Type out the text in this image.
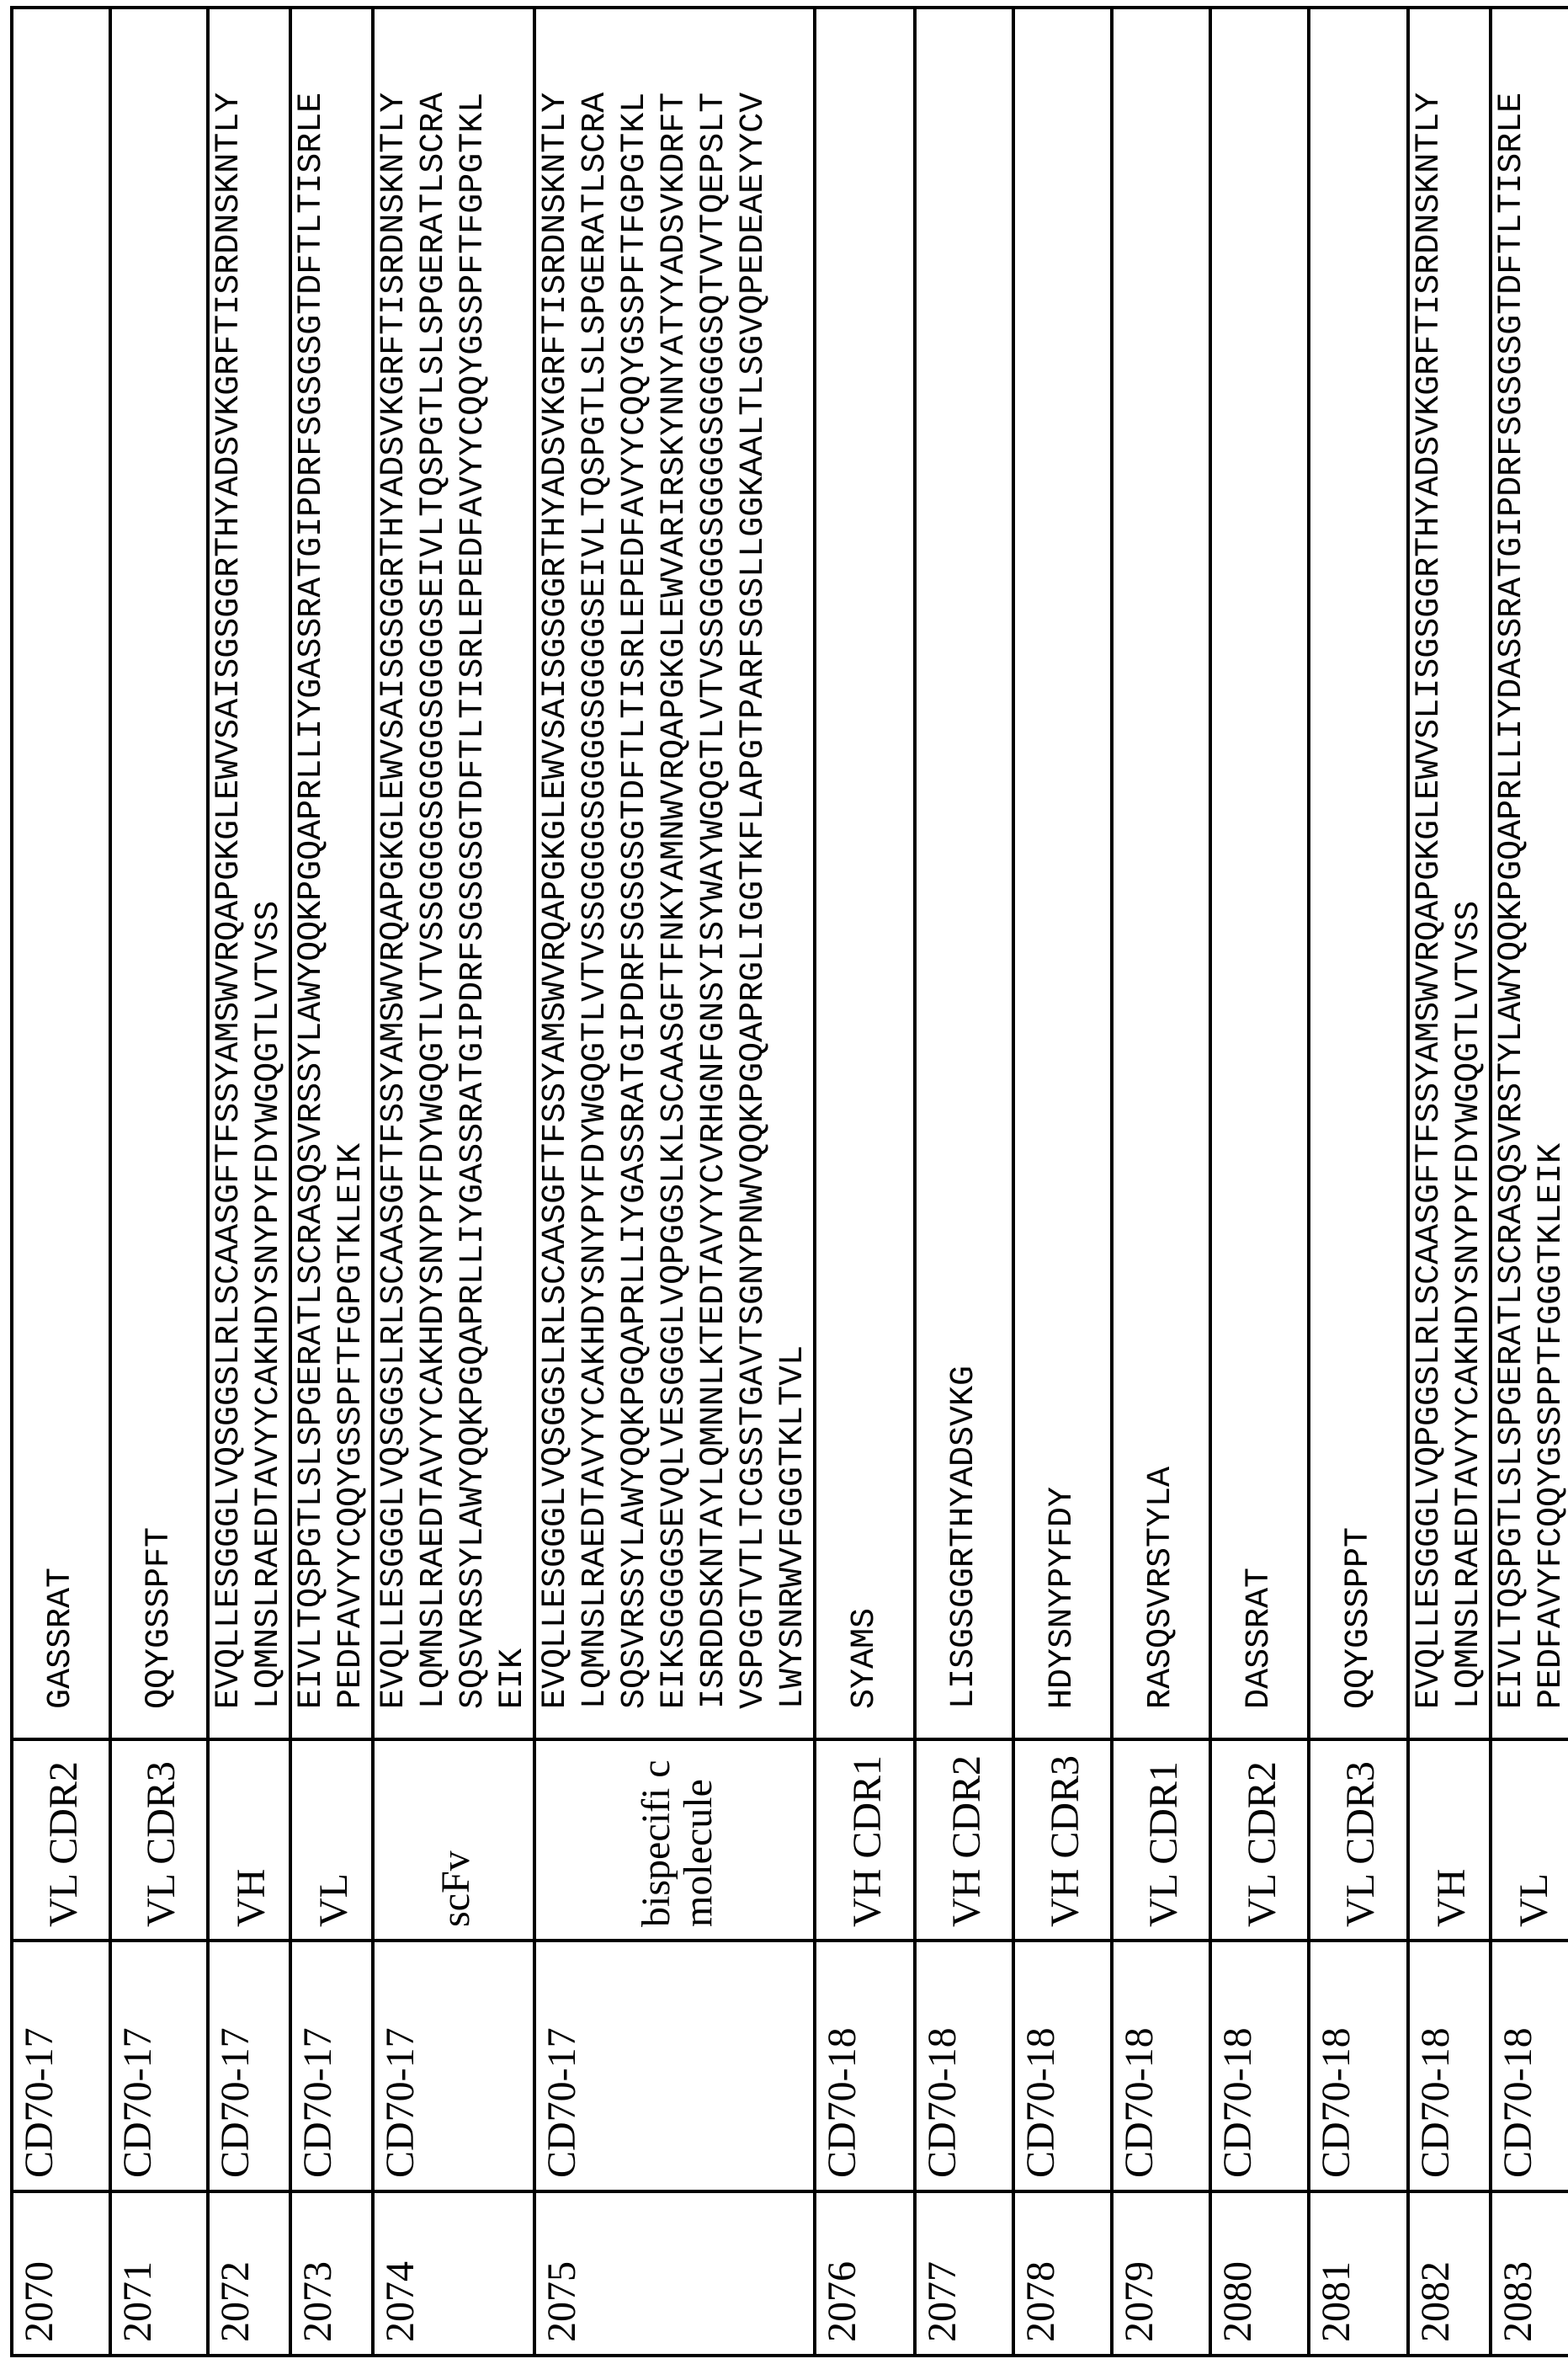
2070	CD70-17	VL CDR2	
GASSRAT

2071	CD70-17	VL CDR3	
QQYGSSPFT

2072	CD70-17	VH	
EVQLLESGGGLVQSGGSLRLSCAASGFTFSSYAMSWVRQAPGKGLEWVSAISGSGGRTHYADSVKGRFTISRDNSKNTLY LQMNSLRAEDTAVYYCAKHDYSNYPYFDYWGQGTLVTVSS

2073	CD70-17	VL	
EIVLTQSPGTLSLSPGERATLSCRASQSVRSSYLAWYQQKPGQAPRLLIYGASSRATGIPDRFSGSGSGTDFTLTISRLE PEDFAVYYCQQYGSSPFTFGPGTKLEIK

2074	CD70-17	scFv	
EVQLLESGGGLVQSGGSLRLSCAASGFTFSSYAMSWVRQAPGKGLEWVSAISGSGGRTHYADSVKGRFTISRDNSKNTLY LQMNSLRAEDTAVYYCAKHDYSNYPYFDYWGQGTLVTVSSGGGGSGGGGSGGGGSEIVLTQSPGTLSLSPGERATLSCRA SQSVRSSYLAWYQQKPGQAPRLLIYGASSRATGIPDRFSGSGSGTDFTLTISRLEPEDFAVYYCQQYGSSPFTFGPGTKL EIK

2075	CD70-17	bispecifi c molecule	
EVQLLESGGGLVQSGGSLRLSCAASGFTFSSYAMSWVRQAPGKGLEWVSAISGSGGRTHYADSVKGRFTISRDNSKNTLY LQMNSLRAEDTAVYYCAKHDYSNYPYFDYWGQGTLVTVSSGGGGSGGGGSGGGGSEIVLTQSPGTLSLSPGERATLSCRA SQSVRSSYLAWYQQKPGQAPRLLIYGASSRATGIPDRFSGSGSGTDFTLTISRLEPEDFAVYYCQQYGSSPFTFGPGTKL EIKSGGGGSEVQLVESGGGLVQPGGSLKLSCAASGFTFNKYAMNWVRQAPGKGLEWVARIRSKYNNYATYYADSVKDRFT ISRDDSKNTAYLQMNNLKTEDTAVYYCVRHGNFGNSYISYWAYWGQGTLVTVSSGGGGSGGGGSGGGGSQTVVTQEPSLT VSPGGTVTLTCGSSTGAVTSGNYPNWVQQKPGQAPRGLIGGTKFLAPGTPARFSGSLLGGKAALTLSGVQPEDEAEYYCV LWYSNRWVFGGGTKLTVL

2076	CD70-18	VH CDR1	
SYAMS

2077	CD70-18	VH CDR2	
LISGSGGRTHYADSVKG

2078	CD70-18	VH CDR3	
HDYSNYPYFDY

2079	CD70-18	VL CDR1	
RASQSVRSTYLA

2080	CD70-18	VL CDR2	
DASSRAT

2081	CD70-18	VL CDR3	
QQYGSSPPT

2082	CD70-18	VH	
EVQLLESGGGLVQPGGSLRLSCAASGFTFSSYAMSWVRQAPGKGLEWVSLISGSGGRTHYADSVKGRFTISRDNSKNTLY LQMNSLRAEDTAVYYCAKHDYSNYPYFDYWGQGTLVTVSS

2083	CD70-18	VL	
EIVLTQSPGTLSLSPGERATLSCRASQSVRSTYLAWYQQKPGQAPRLLIYDASSRATGIPDRFSGSGSGTDFTLTISRLE PEDFAVYFCQQYGSSPPTFGGGTKLEIK
